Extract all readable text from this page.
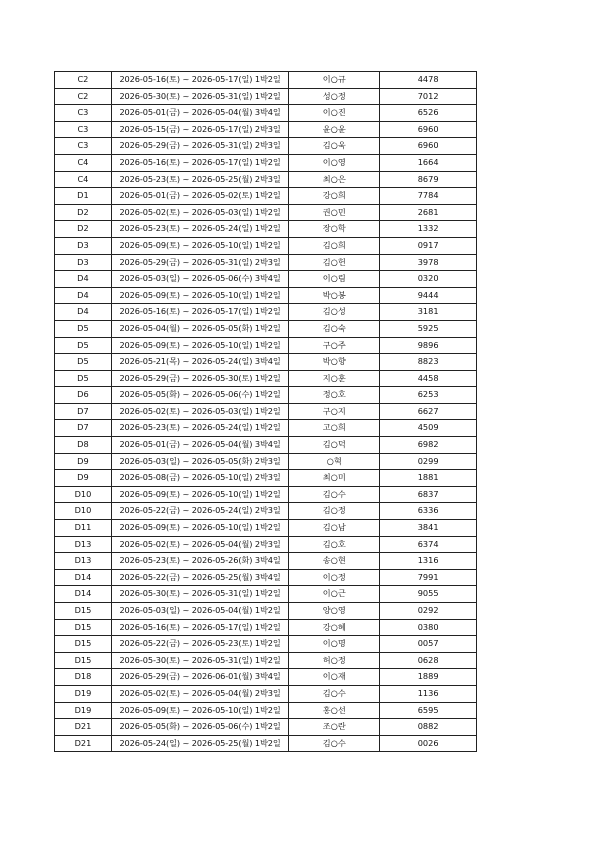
C2	2026-05-16(토) ~ 2026-05-17(일) 1박2일	이○규	4478
C2	2026-05-30(토) ~ 2026-05-31(일) 1박2일	성○정	7012
C3	2026-05-01(금) ~ 2026-05-04(월) 3박4일	이○진	6526
C3	2026-05-15(금) ~ 2026-05-17(일) 2박3일	윤○윤	6960
C3	2026-05-29(금) ~ 2026-05-31(일) 2박3일	김○욱	6960
C4	2026-05-16(토) ~ 2026-05-17(일) 1박2일	이○영	1664
C4	2026-05-23(토) ~ 2026-05-25(월) 2박3일	최○은	8679
D1	2026-05-01(금) ~ 2026-05-02(토) 1박2일	강○희	7784
D2	2026-05-02(토) ~ 2026-05-03(일) 1박2일	권○민	2681
D2	2026-05-23(토) ~ 2026-05-24(일) 1박2일	장○학	1332
D3	2026-05-09(토) ~ 2026-05-10(일) 1박2일	김○희	0917
D3	2026-05-29(금) ~ 2026-05-31(일) 2박3일	김○헌	3978
D4	2026-05-03(일) ~ 2026-05-06(수) 3박4일	이○림	0320
D4	2026-05-09(토) ~ 2026-05-10(일) 1박2일	박○봉	9444
D4	2026-05-16(토) ~ 2026-05-17(일) 1박2일	김○성	3181
D5	2026-05-04(월) ~ 2026-05-05(화) 1박2일	김○숙	5925
D5	2026-05-09(토) ~ 2026-05-10(일) 1박2일	구○주	9896
D5	2026-05-21(목) ~ 2026-05-24(일) 3박4일	박○향	8823
D5	2026-05-29(금) ~ 2026-05-30(토) 1박2일	지○훈	4458
D6	2026-05-05(화) ~ 2026-05-06(수) 1박2일	정○호	6253
D7	2026-05-02(토) ~ 2026-05-03(일) 1박2일	구○지	6627
D7	2026-05-23(토) ~ 2026-05-24(일) 1박2일	고○희	4509
D8	2026-05-01(금) ~ 2026-05-04(월) 3박4일	김○덕	6982
D9	2026-05-03(일) ~ 2026-05-05(화) 2박3일	○혁	0299
D9	2026-05-08(금) ~ 2026-05-10(일) 2박3일	최○미	1881
D10	2026-05-09(토) ~ 2026-05-10(일) 1박2일	김○수	6837
D10	2026-05-22(금) ~ 2026-05-24(일) 2박3일	김○정	6336
D11	2026-05-09(토) ~ 2026-05-10(일) 1박2일	김○남	3841
D13	2026-05-02(토) ~ 2026-05-04(월) 2박3일	김○호	6374
D13	2026-05-23(토) ~ 2026-05-26(화) 3박4일	송○현	1316
D14	2026-05-22(금) ~ 2026-05-25(월) 3박4일	이○정	7991
D14	2026-05-30(토) ~ 2026-05-31(일) 1박2일	이○근	9055
D15	2026-05-03(일) ~ 2026-05-04(월) 1박2일	양○영	0292
D15	2026-05-16(토) ~ 2026-05-17(일) 1박2일	강○혜	0380
D15	2026-05-22(금) ~ 2026-05-23(토) 1박2일	이○명	0057
D15	2026-05-30(토) ~ 2026-05-31(일) 1박2일	허○정	0628
D18	2026-05-29(금) ~ 2026-06-01(월) 3박4일	이○재	1889
D19	2026-05-02(토) ~ 2026-05-04(월) 2박3일	김○수	1136
D19	2026-05-09(토) ~ 2026-05-10(일) 1박2일	홍○선	6595
D21	2026-05-05(화) ~ 2026-05-06(수) 1박2일	조○란	0882
D21	2026-05-24(일) ~ 2026-05-25(월) 1박2일	김○수	0026
